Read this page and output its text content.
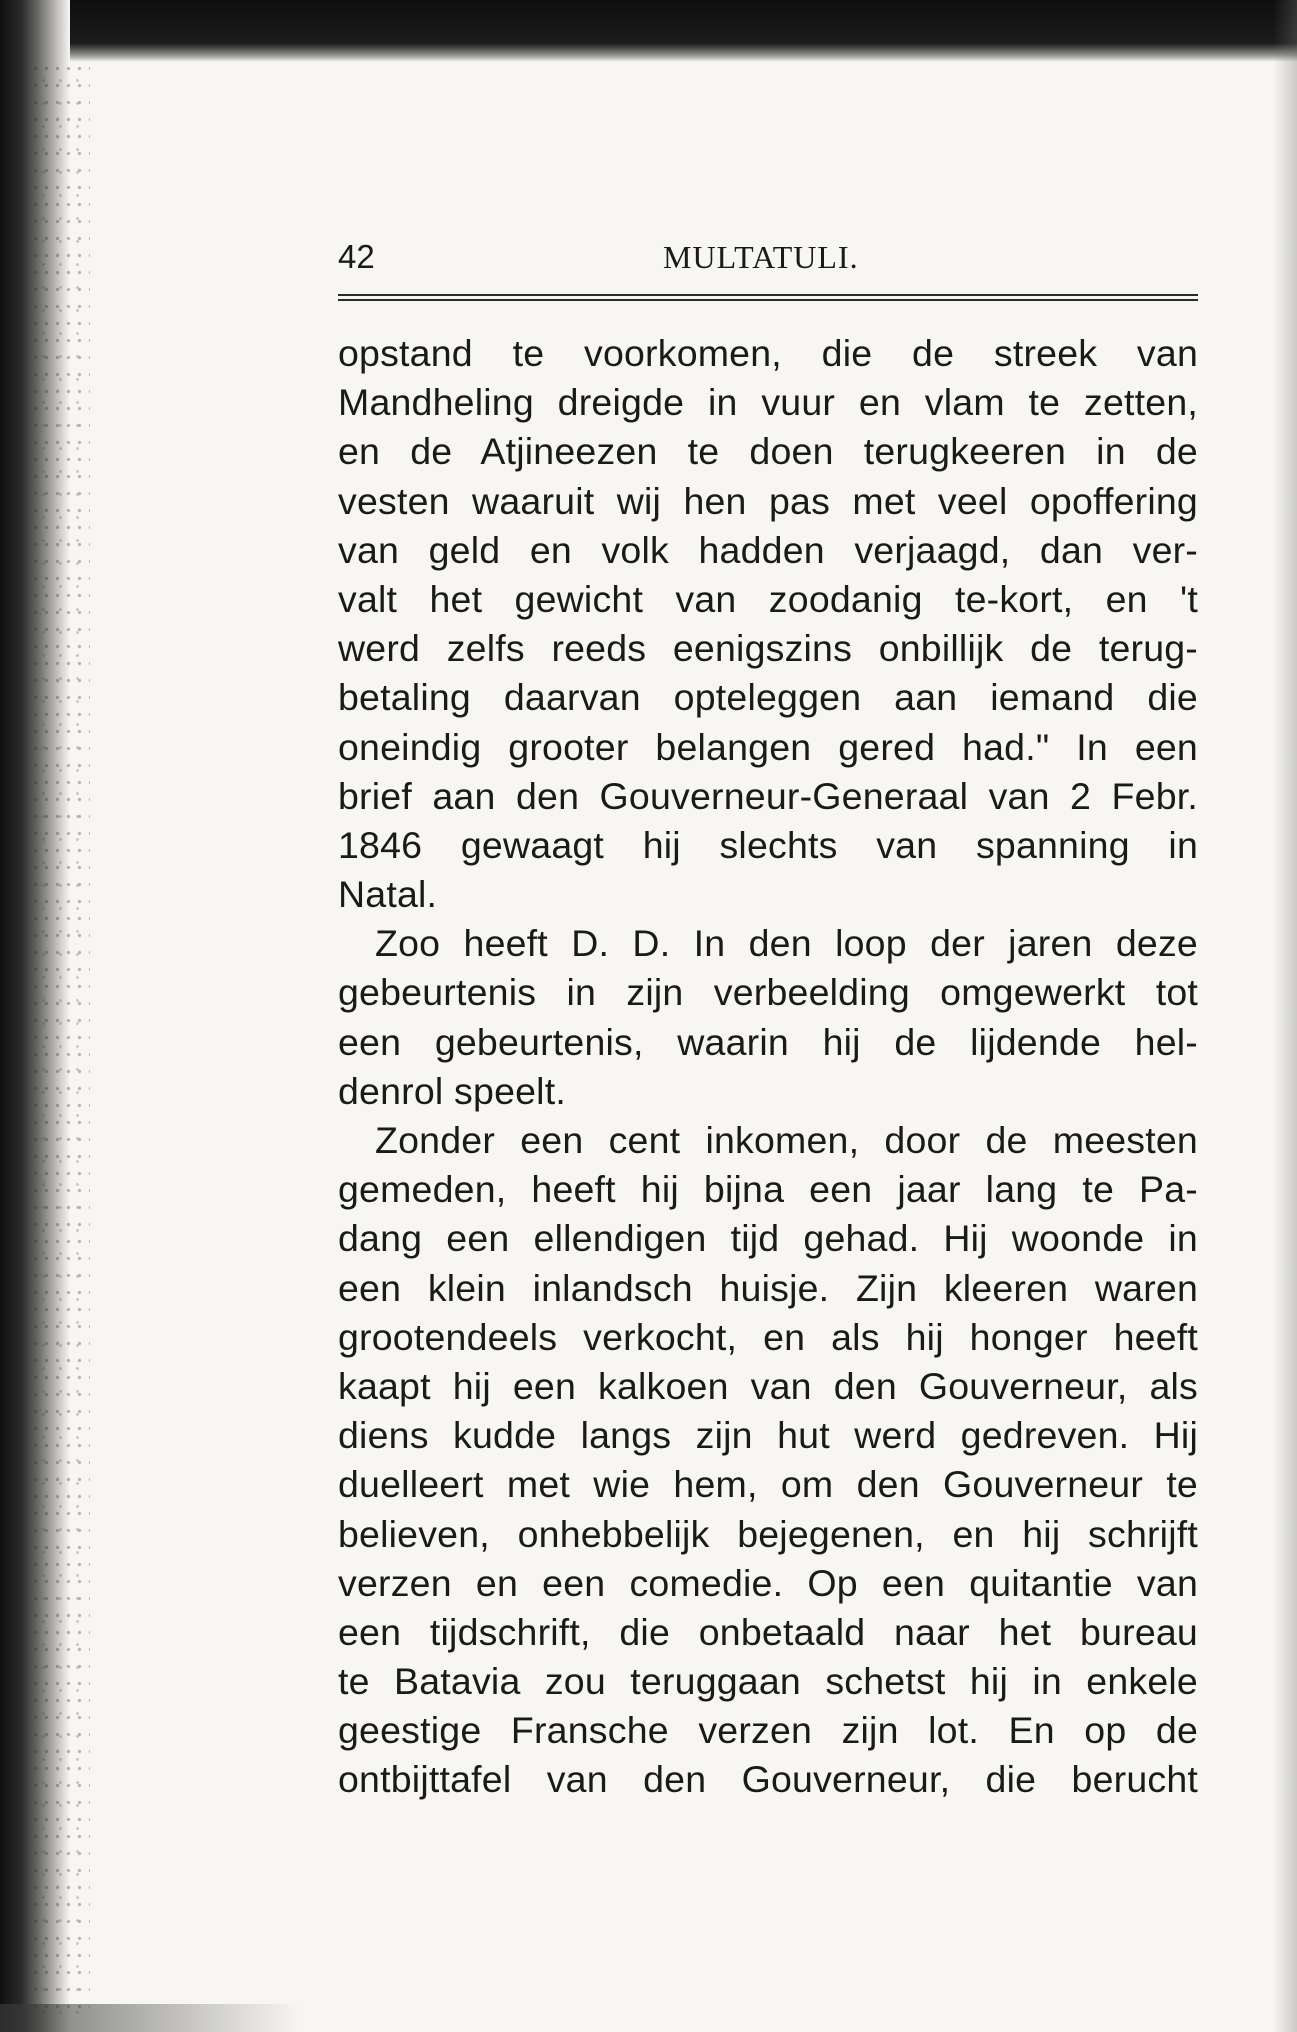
42	MULTATULI.
opstand te voorkomen, die de streek van
Mandheling dreigde in vuur en vlam te zetten,
en de Atjineezen te doen terugkeeren in de
vesten waaruit wij hen pas met veel opoffering
van geld en volk hadden verjaagd, dan ver-
valt het gewicht van zoodanig te-kort, en 't
werd zelfs reeds eenigszins onbillijk de terug-
betaling daarvan opteleggen aan iemand die
oneindig grooter belangen gered had." In een
brief aan den Gouverneur-Generaal van 2 Febr.
1846 gewaagt hij slechts van spanning in
Natal.
Zoo heeft D. D. In den loop der jaren deze
gebeurtenis in zijn verbeelding omgewerkt tot
een gebeurtenis, waarin hij de lijdende hel-
denrol speelt.
Zonder een cent inkomen, door de meesten
gemeden, heeft hij bijna een jaar lang te Pa-
dang een ellendigen tijd gehad. Hij woonde in
een klein inlandsch huisje. Zijn kleeren waren
grootendeels verkocht, en als hij honger heeft
kaapt hij een kalkoen van den Gouverneur, als
diens kudde langs zijn hut werd gedreven. Hij
duelleert met wie hem, om den Gouverneur te
believen, onhebbelijk bejegenen, en hij schrijft
verzen en een comedie. Op een quitantie van
een tijdschrift, die onbetaald naar het bureau
te Batavia zou teruggaan schetst hij in enkele
geestige Fransche verzen zijn lot. En op de
ontbijttafel van den Gouverneur, die berucht
